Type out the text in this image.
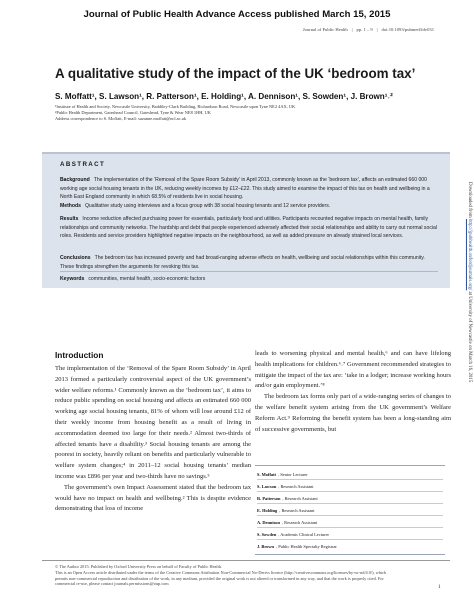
Journal of Public Health Advance Access published March 15, 2015
Journal of Public Health | pp. 1 – 9 | doi:10.1093/pubmed/fdv031
A qualitative study of the impact of the UK ‘bedroom tax’
S. Moffatt¹, S. Lawson¹, R. Patterson¹, E. Holding¹, A. Dennison¹, S. Sowden¹, J. Brown¹˒²
¹Institute of Health and Society, Newcastle University, Baddiley-Clark Building, Richardson Road, Newcastle upon Tyne NE2 4AX, UK
²Public Health Department, Gateshead Council, Gateshead, Tyne & Wear NE8 1HH, UK
Address correspondence to S. Moffatt, E-mail: suzanne.moffatt@ncl.ac.uk
ABSTRACT
Background The implementation of the ‘Removal of the Spare Room Subsidy’ in April 2013, commonly known as the ‘bedroom tax’, affects an estimated 660 000 working age social housing tenants in the UK, reducing weekly incomes by £12–£22. This study aimed to examine the impact of this tax on health and wellbeing in a North East England community in which 68.5% of residents live in social housing.
Methods Qualitative study using interviews and a focus group with 38 social housing tenants and 12 service providers.
Results Income reduction affected purchasing power for essentials, particularly food and utilities. Participants recounted negative impacts on mental health, family relationships and community networks. The hardship and debt that people experienced adversely affected their social relationships and ability to carry out normal social roles. Residents and service providers highlighted negative impacts on the neighbourhood, as well as added pressure on already strained local services.
Conclusions The bedroom tax has increased poverty and had broad-ranging adverse effects on health, wellbeing and social relationships within this community. These findings strengthen the arguments for revoking this tax.
Keywords communities, mental health, socio-economic factors
Downloaded from http://jpubhealth.oxfordjournals.org/ at University of Newcastle on March 16, 2015
Introduction

The implementation of the ‘Removal of the Spare Room Subsidy’ in April 2013 formed a particularly controversial aspect of the UK government’s wider welfare reforms.¹ Commonly known as the ‘bedroom tax’, it aims to reduce public spending on social housing and affects an estimated 660 000 working age social housing tenants, 81% of whom will lose around £12 of their weekly income from housing benefit as a result of living in accommodation deemed too large for their needs.² Almost two-thirds of affected tenants have a disability.³ Social housing tenants are among the poorest in society, heavily reliant on benefits and particularly vulnerable to welfare system changes;⁴ in 2011–12 social housing tenants’ median income was £896 per year and two-thirds have no savings.⁵

The government’s own Impact Assessment stated that the bedroom tax would have no impact on health and wellbeing.² This is despite evidence demonstrating that loss of income

leads to worsening physical and mental health,⁶ and can have lifelong health implications for children.⁶˒⁷ Government recommended strategies to mitigate the impact of the tax are: ‘take in a lodger; increase working hours and/or gain employment.’⁸

The bedroom tax forms only part of a wide-ranging series of changes to the welfare benefit system arising from the UK government’s Welfare Reform Act.⁹ Reforming the benefit system has been a long-standing aim of successive governments, but

S. Moffatt , Senior Lecturer
S. Lawson , Research Assistant
R. Patterson , Research Assistant
E. Holding , Research Assistant
A. Dennison , Research Assistant
S. Sowden , Academic Clinical Lecturer
J. Brown , Public Health Specialty Registrar
© The Author 2015. Published by Oxford University Press on behalf of Faculty of Public Health.
This is an Open Access article distributed under the terms of the Creative Commons Attribution Non-Commercial No-Derivs licence (http://creativecommons.org/licenses/by-nc-nd/4.0/), which
permits non-commercial reproduction and distribution of the work, in any medium, provided the original work is not altered or transformed in any way, and that the work is properly cited. For
commercial re-use, please contact journals.permissions@oup.com
1
